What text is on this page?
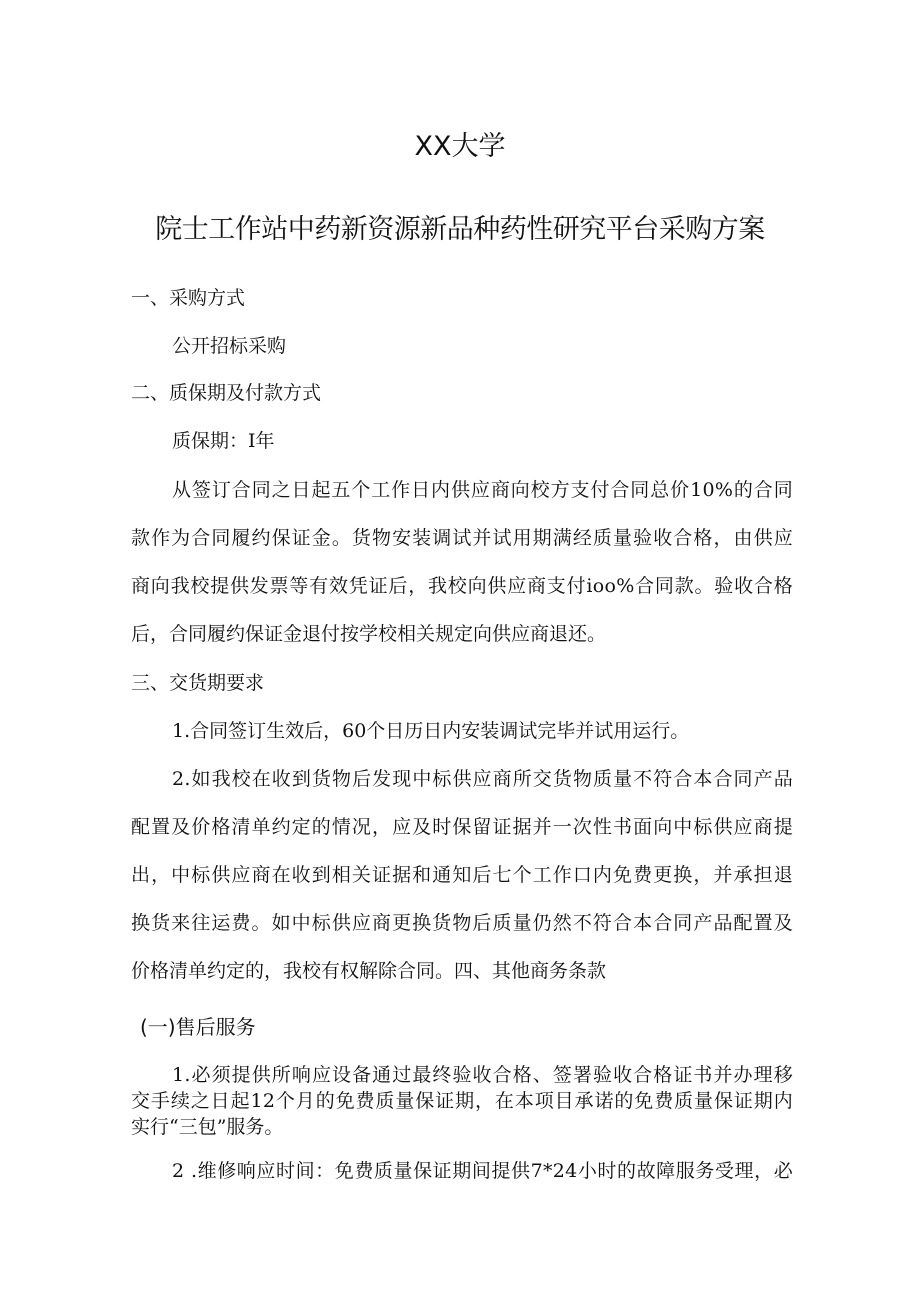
XX大学
院士工作站中药新资源新品种药性研究平台采购方案
一、采购方式
公开招标采购
二、质保期及付款方式
质保期：I年
从签订合同之日起五个工作日内供应商向校方支付合同总价10%的合同
款作为合同履约保证金。货物安装调试并试用期满经质量验收合格，由供应
商向我校提供发票等有效凭证后，我校向供应商支付ioo%合同款。验收合格
后，合同履约保证金退付按学校相关规定向供应商退还。
三、交货期要求
1.合同签订生效后，60个日历日内安装调试完毕并试用运行。
2.如我校在收到货物后发现中标供应商所交货物质量不符合本合同产品
配置及价格清单约定的情况，应及时保留证据并一次性书面向中标供应商提
出，中标供应商在收到相关证据和通知后七个工作口内免费更换，并承担退
换货来往运费。如中标供应商更换货物后质量仍然不符合本合同产品配置及
价格清单约定的，我校有权解除合同。四、其他商务条款
(一)售后服务
1.必须提供所响应设备通过最终验收合格、签署验收合格证书并办理移
交手续之日起12个月的免费质量保证期，在本项目承诺的免费质量保证期内
实行“三包”服务。
2 .维修响应时间：免费质量保证期间提供7*24小时的故障服务受理，必
